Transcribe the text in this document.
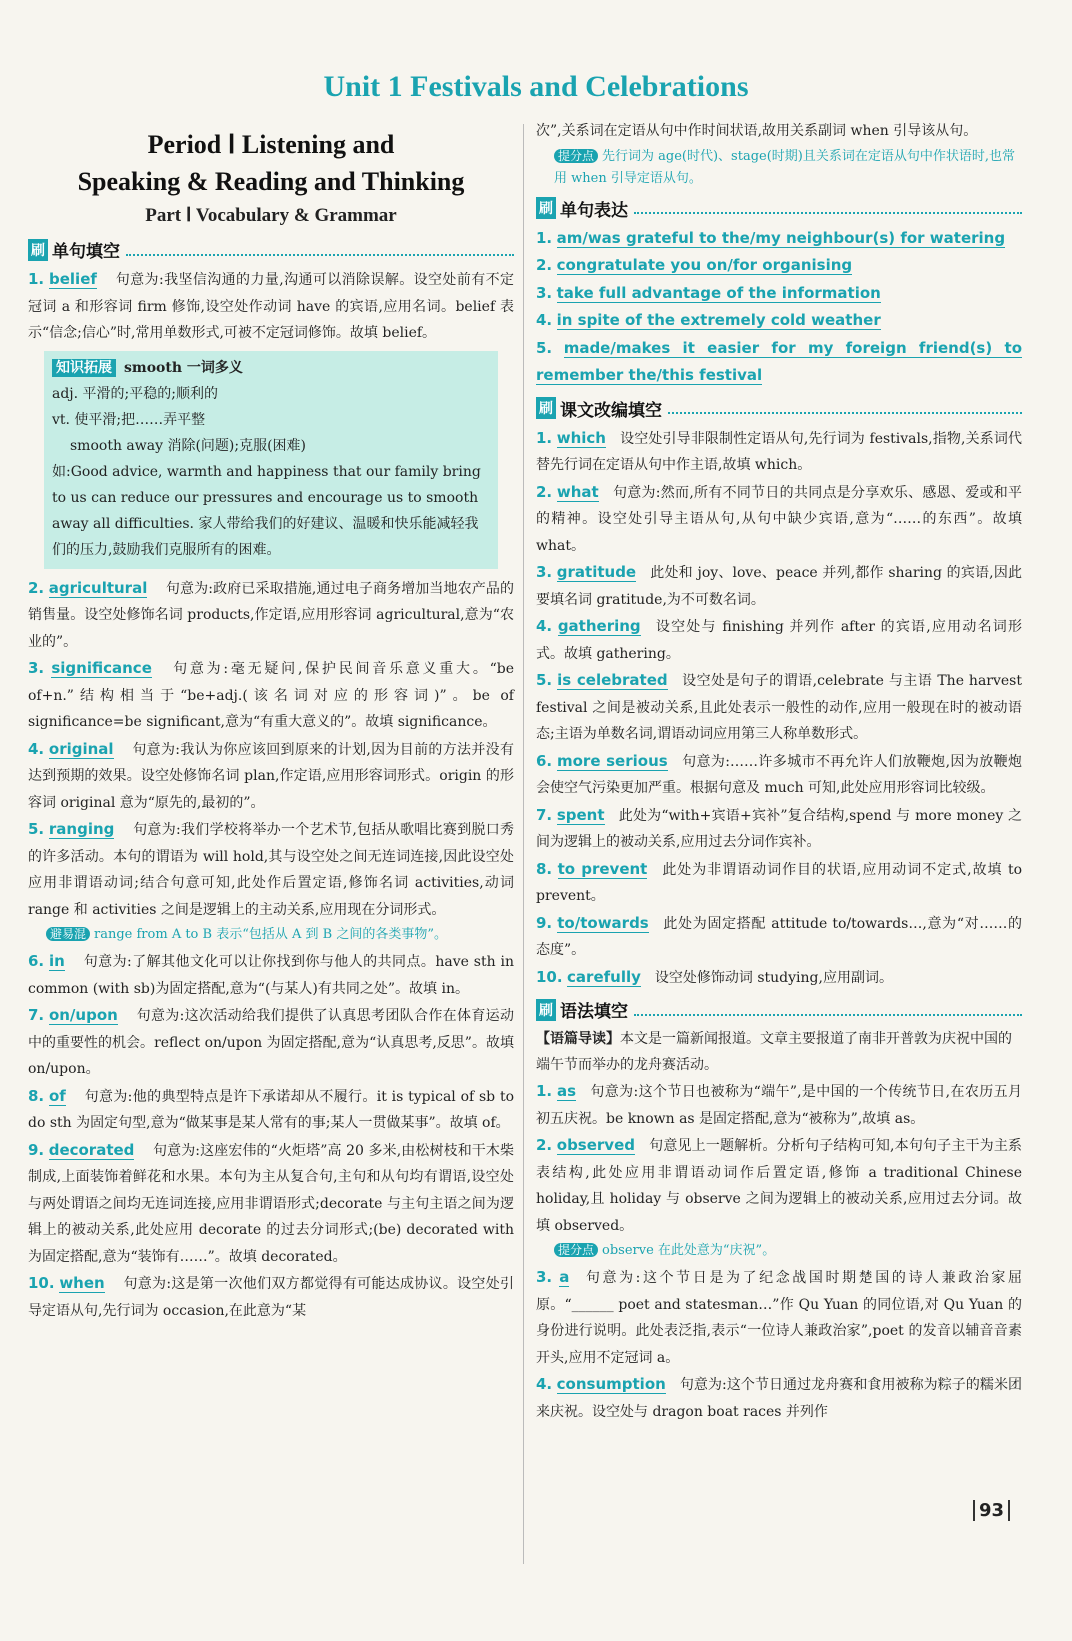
Unit 1 Festivals and Celebrations
Period Ⅰ Listening and
Speaking & Reading and Thinking
Part Ⅰ Vocabulary & Grammar
刷 单句填空

1. belief 句意为:我坚信沟通的力量,沟通可以消除误解。设空处前有不定冠词 a 和形容词 firm 修饰,设空处作动词 have 的宾语,应用名词。belief 表示“信念;信心”时,常用单数形式,可被不定冠词修饰。故填 belief。

知识拓展 smooth 一词多义
adj. 平滑的;平稳的;顺利的
vt. 使平滑;把……弄平整
smooth away 消除(问题);克服(困难)
如:Good advice, warmth and happiness that our family bring to us can reduce our pressures and encourage us to smooth away all difficulties. 家人带给我们的好建议、温暖和快乐能减轻我们的压力,鼓励我们克服所有的困难。

2. agricultural 句意为:政府已采取措施,通过电子商务增加当地农产品的销售量。设空处修饰名词 products,作定语,应用形容词 agricultural,意为“农业的”。

3. significance 句意为:毫无疑问,保护民间音乐意义重大。“be of+n.”结构相当于“be+adj.(该名词对应的形容词)”。be of significance=be significant,意为“有重大意义的”。故填 significance。

4. original 句意为:我认为你应该回到原来的计划,因为目前的方法并没有达到预期的效果。设空处修饰名词 plan,作定语,应用形容词形式。origin 的形容词 original 意为“原先的,最初的”。

5. ranging 句意为:我们学校将举办一个艺术节,包括从歌唱比赛到脱口秀的许多活动。本句的谓语为 will hold,其与设空处之间无连词连接,因此设空处应用非谓语动词;结合句意可知,此处作后置定语,修饰名词 activities,动词 range 和 activities 之间是逻辑上的主动关系,应用现在分词形式。

避易混 range from A to B 表示“包括从 A 到 B 之间的各类事物”。

6. in 句意为:了解其他文化可以让你找到你与他人的共同点。have sth in common (with sb)为固定搭配,意为“(与某人)有共同之处”。故填 in。

7. on/upon 句意为:这次活动给我们提供了认真思考团队合作在体育运动中的重要性的机会。reflect on/upon 为固定搭配,意为“认真思考,反思”。故填 on/upon。

8. of 句意为:他的典型特点是许下承诺却从不履行。it is typical of sb to do sth 为固定句型,意为“做某事是某人常有的事;某人一贯做某事”。故填 of。

9. decorated 句意为:这座宏伟的“火炬塔”高 20 多米,由松树枝和干木柴制成,上面装饰着鲜花和水果。本句为主从复合句,主句和从句均有谓语,设空处与两处谓语之间均无连词连接,应用非谓语形式;decorate 与主句主语之间为逻辑上的被动关系,此处应用 decorate 的过去分词形式;(be) decorated with 为固定搭配,意为“装饰有……”。故填 decorated。

10. when 句意为:这是第一次他们双方都觉得有可能达成协议。设空处引导定语从句,先行词为 occasion,在此意为“某

次”,关系词在定语从句中作时间状语,故用关系副词 when 引导该从句。

提分点 先行词为 age(时代)、stage(时期)且关系词在定语从句中作状语时,也常用 when 引导定语从句。
刷 单句表达

1. am/was grateful to the/my neighbour(s) for watering

2. congratulate you on/for organising

3. take full advantage of the information

4. in spite of the extremely cold weather

5. made/makes it easier for my foreign friend(s) to remember the/this festival

刷 课文改编填空

1. which 设空处引导非限制性定语从句,先行词为 festivals,指物,关系词代替先行词在定语从句中作主语,故填 which。

2. what 句意为:然而,所有不同节日的共同点是分享欢乐、感恩、爱或和平的精神。设空处引导主语从句,从句中缺少宾语,意为“……的东西”。故填 what。

3. gratitude 此处和 joy、love、peace 并列,都作 sharing 的宾语,因此要填名词 gratitude,为不可数名词。

4. gathering 设空处与 finishing 并列作 after 的宾语,应用动名词形式。故填 gathering。

5. is celebrated 设空处是句子的谓语,celebrate 与主语 The harvest festival 之间是被动关系,且此处表示一般性的动作,应用一般现在时的被动语态;主语为单数名词,谓语动词应用第三人称单数形式。

6. more serious 句意为:……许多城市不再允许人们放鞭炮,因为放鞭炮会使空气污染更加严重。根据句意及 much 可知,此处应用形容词比较级。

7. spent 此处为“with+宾语+宾补”复合结构,spend 与 more money 之间为逻辑上的被动关系,应用过去分词作宾补。

8. to prevent 此处为非谓语动词作目的状语,应用动词不定式,故填 to prevent。

9. to/towards 此处为固定搭配 attitude to/towards…,意为“对……的态度”。

10. carefully 设空处修饰动词 studying,应用副词。

刷 语法填空

【语篇导读】本文是一篇新闻报道。文章主要报道了南非开普敦为庆祝中国的端午节而举办的龙舟赛活动。

1. as 句意为:这个节日也被称为“端午”,是中国的一个传统节日,在农历五月初五庆祝。be known as 是固定搭配,意为“被称为”,故填 as。

2. observed 句意见上一题解析。分析句子结构可知,本句句子主干为主系表结构,此处应用非谓语动词作后置定语,修饰 a traditional Chinese holiday,且 holiday 与 observe 之间为逻辑上的被动关系,应用过去分词。故填 observed。

提分点 observe 在此处意为“庆祝”。

3. a 句意为:这个节日是为了纪念战国时期楚国的诗人兼政治家屈原。“______ poet and statesman…”作 Qu Yuan 的同位语,对 Qu Yuan 的身份进行说明。此处表泛指,表示“一位诗人兼政治家”,poet 的发音以辅音音素开头,应用不定冠词 a。

4. consumption 句意为:这个节日通过龙舟赛和食用被称为粽子的糯米团来庆祝。设空处与 dragon boat races 并列作

93
